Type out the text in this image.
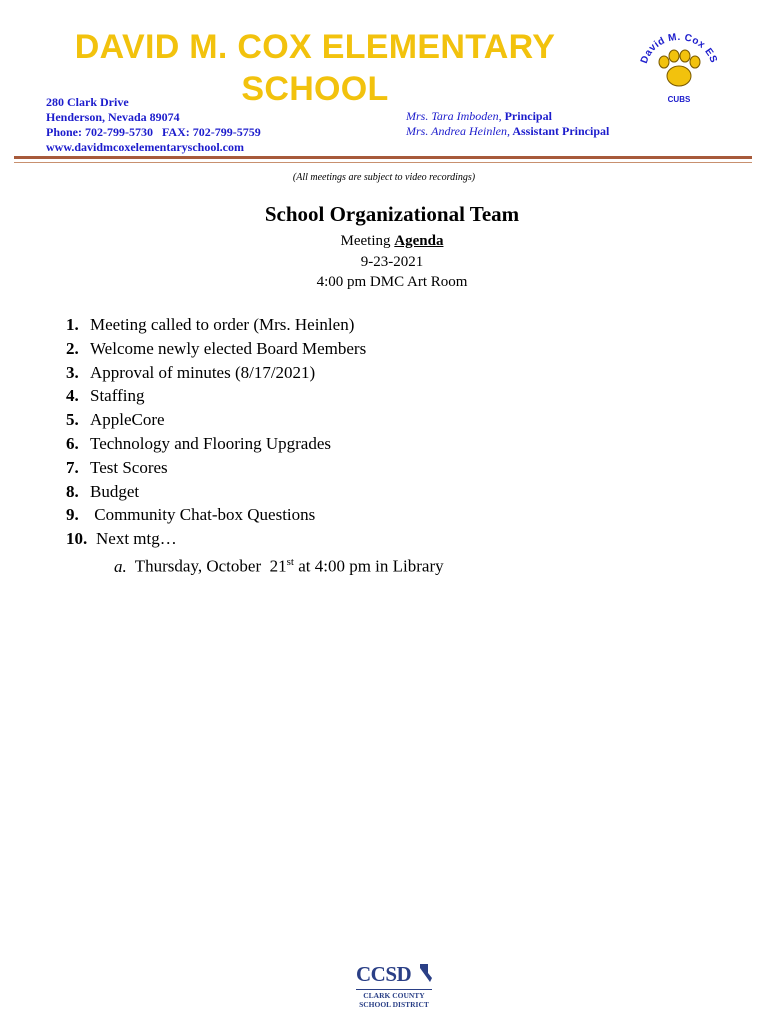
DAVID M. COX ELEMENTARY SCHOOL
280 Clark Drive
Henderson, Nevada 89074
Phone: 702-799-5730   FAX: 702-799-5759
www.davidmcoxelementaryschool.com
Mrs. Tara Imboden, Principal
Mrs. Andrea Heinlen, Assistant Principal
David M. Cox ES
CUBS
(All meetings are subject to video recordings)
School Organizational Team
Meeting Agenda
9-23-2021
4:00 pm DMC Art Room
1. Meeting called to order (Mrs. Heinlen)
2. Welcome newly elected Board Members
3. Approval of minutes (8/17/2021)
4. Staffing
5. AppleCore
6. Technology and Flooring Upgrades
7. Test Scores
8. Budget
9. Community Chat-box Questions
10. Next mtg…
a. Thursday, October  21st at 4:00 pm in Library
CCSD
CLARK COUNTY
SCHOOL DISTRICT
